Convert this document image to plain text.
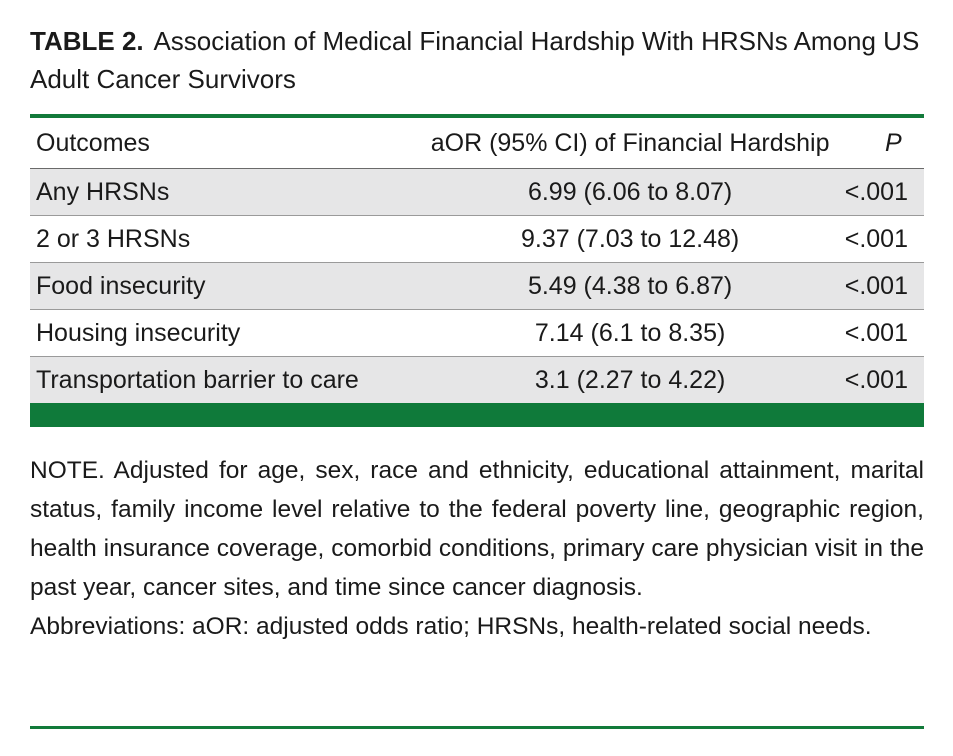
TABLE 2. Association of Medical Financial Hardship With HRSNs Among US Adult Cancer Survivors
Outcomes	aOR (95% CI) of Financial Hardship	P
Any HRSNs	6.99 (6.06 to 8.07)	<.001
2 or 3 HRSNs	9.37 (7.03 to 12.48)	<.001
Food insecurity	5.49 (4.38 to 6.87)	<.001
Housing insecurity	7.14 (6.1 to 8.35)	<.001
Transportation barrier to care	3.1 (2.27 to 4.22)	<.001
NOTE. Adjusted for age, sex, race and ethnicity, educational attainment, marital status, family income level relative to the federal poverty line, geographic region, health insurance coverage, comorbid conditions, primary care physician visit in the past year, cancer sites, and time since cancer diagnosis.
Abbreviations: aOR: adjusted odds ratio; HRSNs, health-related social needs.
